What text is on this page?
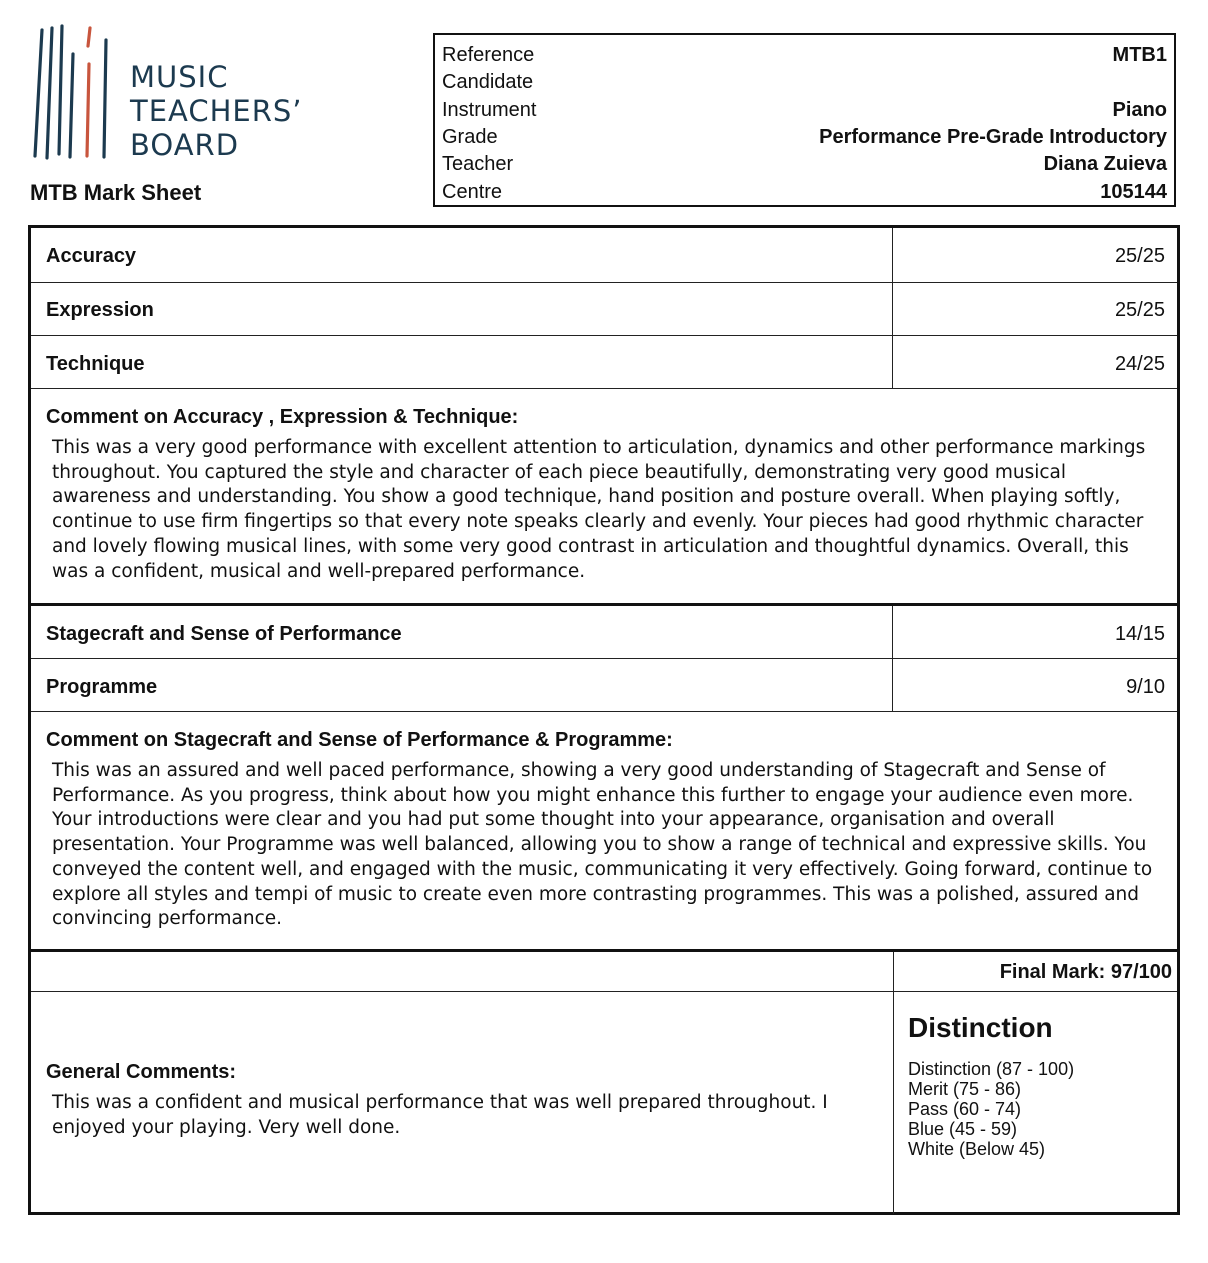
MUSIC
TEACHERS’
BOARD
MTB Mark Sheet
Reference	MTB1
Candidate
Instrument	Piano
Grade	Performance Pre-Grade Introductory
Teacher	Diana Zuieva
Centre	105144
Accuracy	25/25
Expression	25/25
Technique	24/25
Comment on Accuracy , Expression & Technique:
This was a very good performance with excellent attention to articulation, dynamics and other performance markings
throughout. You captured the style and character of each piece beautifully, demonstrating very good musical
awareness and understanding. You show a good technique, hand position and posture overall. When playing softly,
continue to use firm fingertips so that every note speaks clearly and evenly. Your pieces had good rhythmic character
and lovely flowing musical lines, with some very good contrast in articulation and thoughtful dynamics. Overall, this
was a confident, musical and well-prepared performance.
Stagecraft and Sense of Performance	14/15
Programme	9/10
Comment on Stagecraft and Sense of Performance & Programme:
This was an assured and well paced performance, showing a very good understanding of Stagecraft and Sense of
Performance. As you progress, think about how you might enhance this further to engage your audience even more.
Your introductions were clear and you had put some thought into your appearance, organisation and overall
presentation. Your Programme was well balanced, allowing you to show a range of technical and expressive skills. You
conveyed the content well, and engaged with the music, communicating it very effectively. Going forward, continue to
explore all styles and tempi of music to create even more contrasting programmes. This was a polished, assured and
convincing performance.
Final Mark: 97/100
General Comments:
This was a confident and musical performance that was well prepared throughout. I
enjoyed your playing. Very well done.
Distinction
Distinction (87 - 100)
Merit (75 - 86)
Pass (60 - 74)
Blue (45 - 59)
White (Below 45)
